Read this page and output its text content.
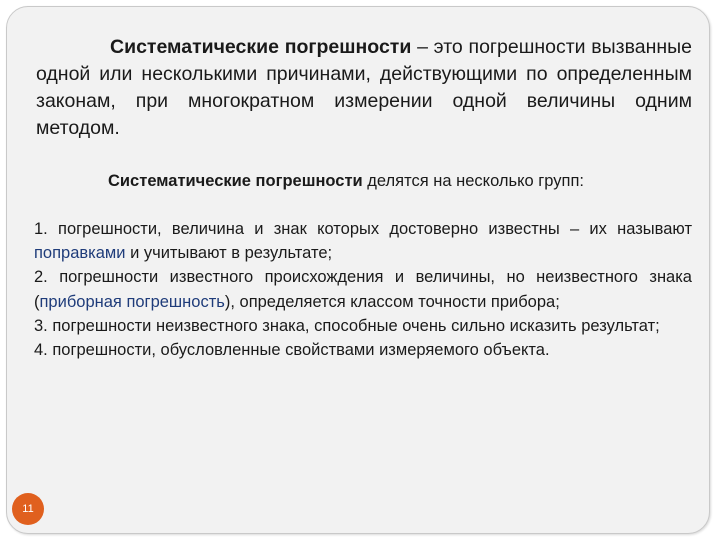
Систематические погрешности – это погрешности вызванные одной или несколькими причинами, действующими по определенным законам, при многократном измерении одной величины одним методом.

Систематические погрешности делятся на несколько групп:

1. погрешности, величина и знак которых достоверно известны – их называют поправками и учитывают в результате;

2. погрешности известного происхождения и величины, но неизвестного знака (приборная погрешность), определяется классом точности прибора;

3. погрешности неизвестного знака, способные очень сильно исказить результат;

4. погрешности, обусловленные свойствами измеряемого объекта.

11
